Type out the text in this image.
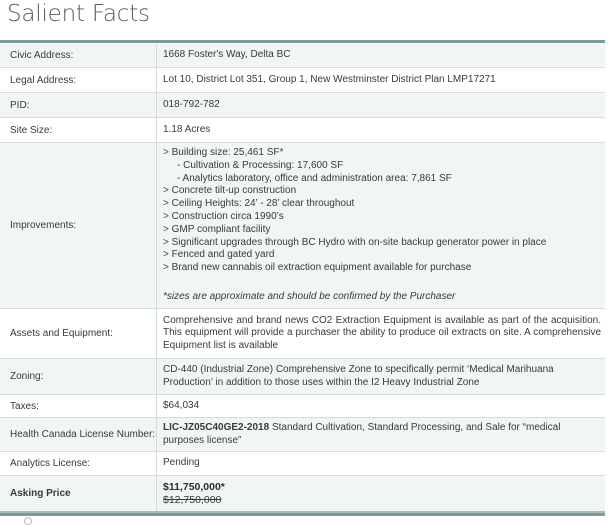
Salient Facts
Civic Address:	1668 Foster's Way, Delta BC
Legal Address:	Lot 10, District Lot 351, Group 1, New Westminster District Plan LMP17271
PID:	018-792-782
Site Size:	1.18 Acres
Improvements:
> Building size: 25,461 SF*
- Cultivation & Processing: 17,600 SF
- Analytics laboratory, office and administration area: 7,861 SF
> Concrete tilt-up construction
> Ceiling Heights: 24’ - 28’ clear throughout
> Construction circa 1990’s
> GMP compliant facility
> Significant upgrades through BC Hydro with on-site backup generator power in place
> Fenced and gated yard
> Brand new cannabis oil extraction equipment available for purchase
*sizes are approximate and should be confirmed by the Purchaser
Assets and Equipment:
Comprehensive and brand news CO2 Extraction Equipment is available as part of the acquisition. This equipment will provide a purchaser the ability to produce oil extracts on site. A comprehensive Equipment list is available
Zoning:
CD-440 (Industrial Zone) Comprehensive Zone to specifically permit ‘Medical Marihuana Production’ in addition to those uses within the I2 Heavy Industrial Zone
Taxes:	$64,034
Health Canada License Number:
LIC-JZ05C40GE2-2018 Standard Cultivation, Standard Processing, and Sale for “medical purposes license”
Analytics License:	Pending
Asking Price
$11,750,000*
$12,750,000
